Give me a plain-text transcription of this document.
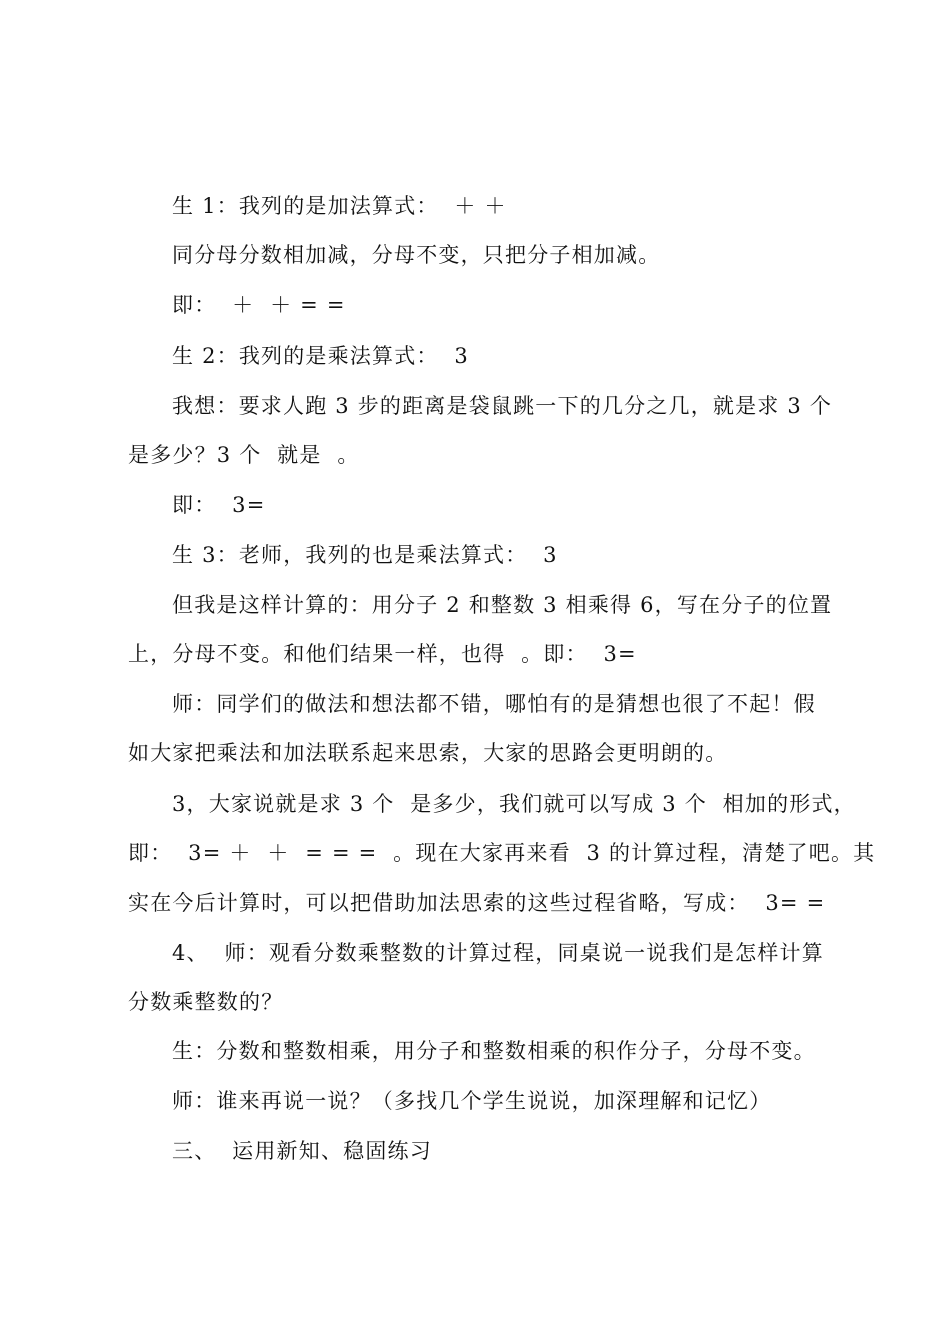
生 1：我列的是加法算式：  ＋ ＋
同分母分数相加减，分母不变，只把分子相加减。
即：  ＋  ＋ = =
生 2：我列的是乘法算式：  3
我想：要求人跑 3 步的距离是袋鼠跳一下的几分之几，就是求 3 个
是多少？3 个  就是  。
即：  3=
生 3：老师，我列的也是乘法算式：  3
但我是这样计算的：用分子 2 和整数 3 相乘得 6，写在分子的位置
上，分母不变。和他们结果一样，也得  。即：  3=
师：同学们的做法和想法都不错，哪怕有的是猜想也很了不起！假
如大家把乘法和加法联系起来思索，大家的思路会更明朗的。
3，大家说就是求 3 个  是多少，我们就可以写成 3 个  相加的形式，
即：  3= ＋  ＋  = = =  。现在大家再来看  3 的计算过程，清楚了吧。其
实在今后计算时，可以把借助加法思索的这些过程省略，写成：  3= =
4、  师：观看分数乘整数的计算过程，同桌说一说我们是怎样计算
分数乘整数的？
生：分数和整数相乘，用分子和整数相乘的积作分子，分母不变。
师：谁来再说一说？（多找几个学生说说，加深理解和记忆）
三、  运用新知、稳固练习
